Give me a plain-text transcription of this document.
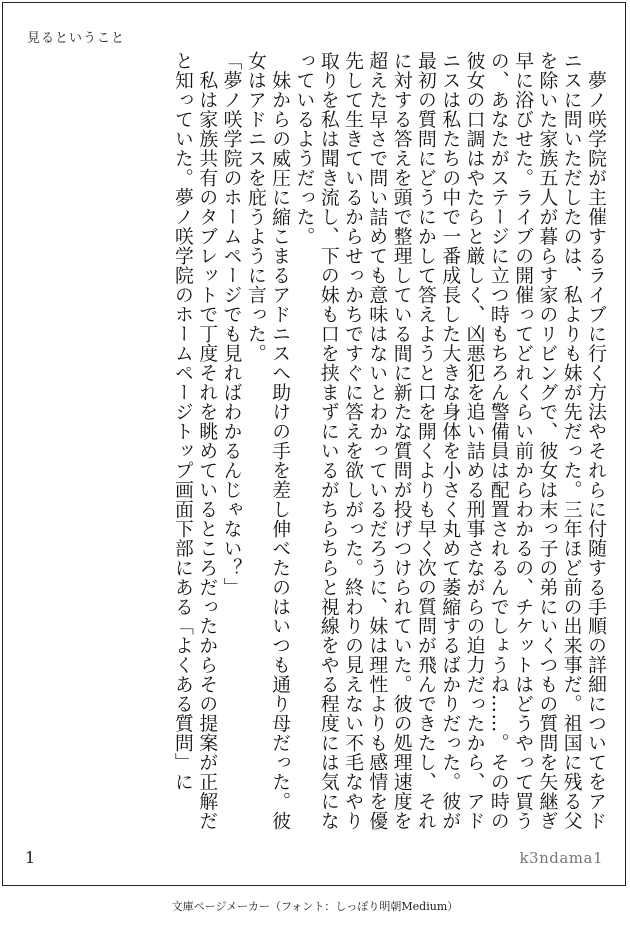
見るということ

　夢ノ咲学院が主催するライブに行く方法やそれらに付随する手順の詳細についてをアドニスに問いただしたのは、私よりも妹が先だった。三年ほど前の出来事だ。祖国に残る父を除いた家族五人が暮らす家のリビングで、彼女は末っ子の弟にいくつもの質問を矢継ぎ早に浴びせた。ライブの開催ってどれくらい前からわかるの、チケットはどうやって買うの、あなたがステージに立つ時もちろん警備員は配置されるんでしょうね……。その時の彼女の口調はやたらと厳しく、凶悪犯を追い詰める刑事さながらの迫力だったから、アドニスは私たちの中で一番成長した大きな身体を小さく丸めて萎縮するばかりだった。彼が最初の質問にどうにかして答えようと口を開くよりも早く次の質問が飛んできたし、それに対する答えを頭で整理している間に新たな質問が投げつけられていた。彼の処理速度を超えた早さで問い詰めても意味はないとわかっているだろうに、妹は理性よりも感情を優先して生きているからせっかちですぐに答えを欲しがった。終わりの見えない不毛なやり取りを私は聞き流し、下の妹も口を挟まずにいるがちらちらと視線をやる程度には気になっているようだった。

　妹からの威圧に縮こまるアドニスへ助けの手を差し伸べたのはいつも通り母だった。彼女はアドニスを庇うように言った。

「夢ノ咲学院のホームページでも見ればわかるんじゃない？」

　私は家族共有のタブレットで丁度それを眺めているところだったからその提案が正解だと知っていた。夢ノ咲学院のホームページトップ画面下部にある「よくある質問」に

1	k3ndama1
文庫ページメーカー（フォント：しっぽり明朝Medium）
